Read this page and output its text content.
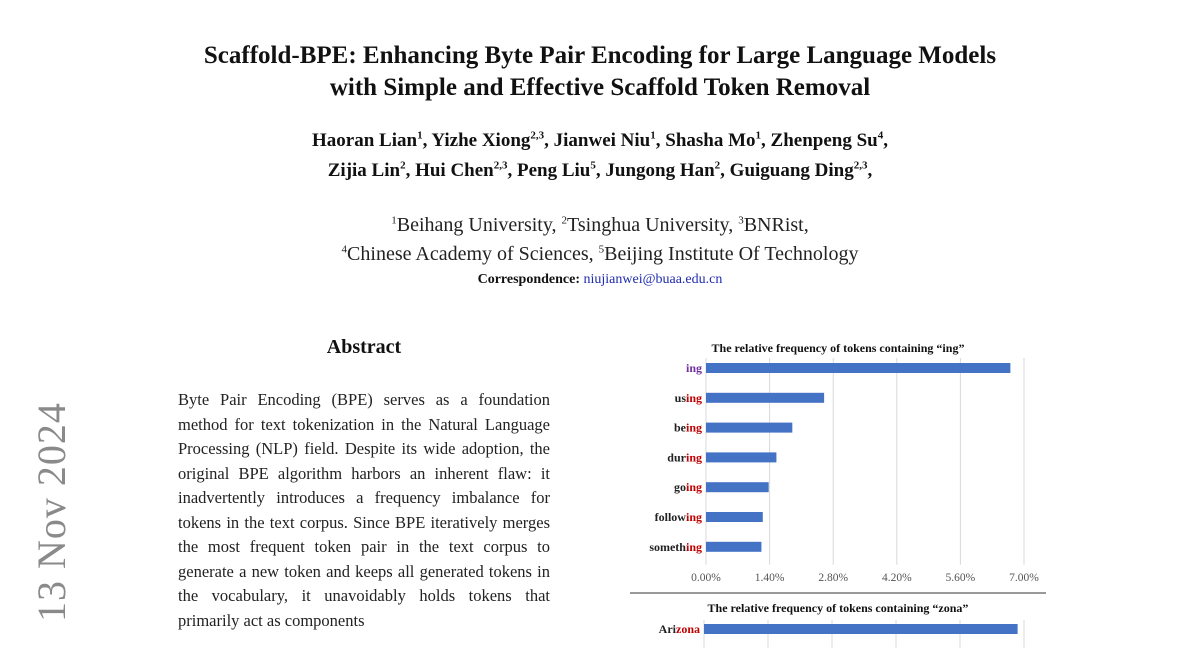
Scaffold-BPE: Enhancing Byte Pair Encoding for Large Language Models
with Simple and Effective Scaffold Token Removal
Haoran Lian$^1$, Yizhe Xiong$^{2,3}$, Jianwei Niu$^1$, Shasha Mo$^1$, Zhenpeng Su$^4$,
Zijia Lin$^2$, Hui Chen$^{2,3}$, Peng Liu$^5$, Jungong Han$^2$, Guiguang Ding$^{2,3}$,
$^1$Beihang University, $^2$Tsinghua University, $^3$BNRist,
$^4$Chinese Academy of Sciences, $^5$Beijing Institute Of Technology
Correspondence: niujianwei@buaa.edu.cn
13 Nov 2024
Abstract
Byte Pair Encoding (BPE) serves as a foundation method for text tokenization in the Natural Language Processing (NLP) field. Despite its wide adoption, the original BPE algorithm harbors an inherent flaw: it inadvertently introduces a frequency imbalance for tokens in the text corpus. Since BPE iteratively merges the most frequent token pair in the text corpus to generate a new token and keeps all generated tokens in the vocabulary, it unavoidably holds tokens that primarily act as components
The relative frequency of tokens containing “ing”
0.00%	1.40%	2.80%	4.20%	5.60%	7.00%
ing
using
being
during
going
following
something
The relative frequency of tokens containing “zona”
Arizona
